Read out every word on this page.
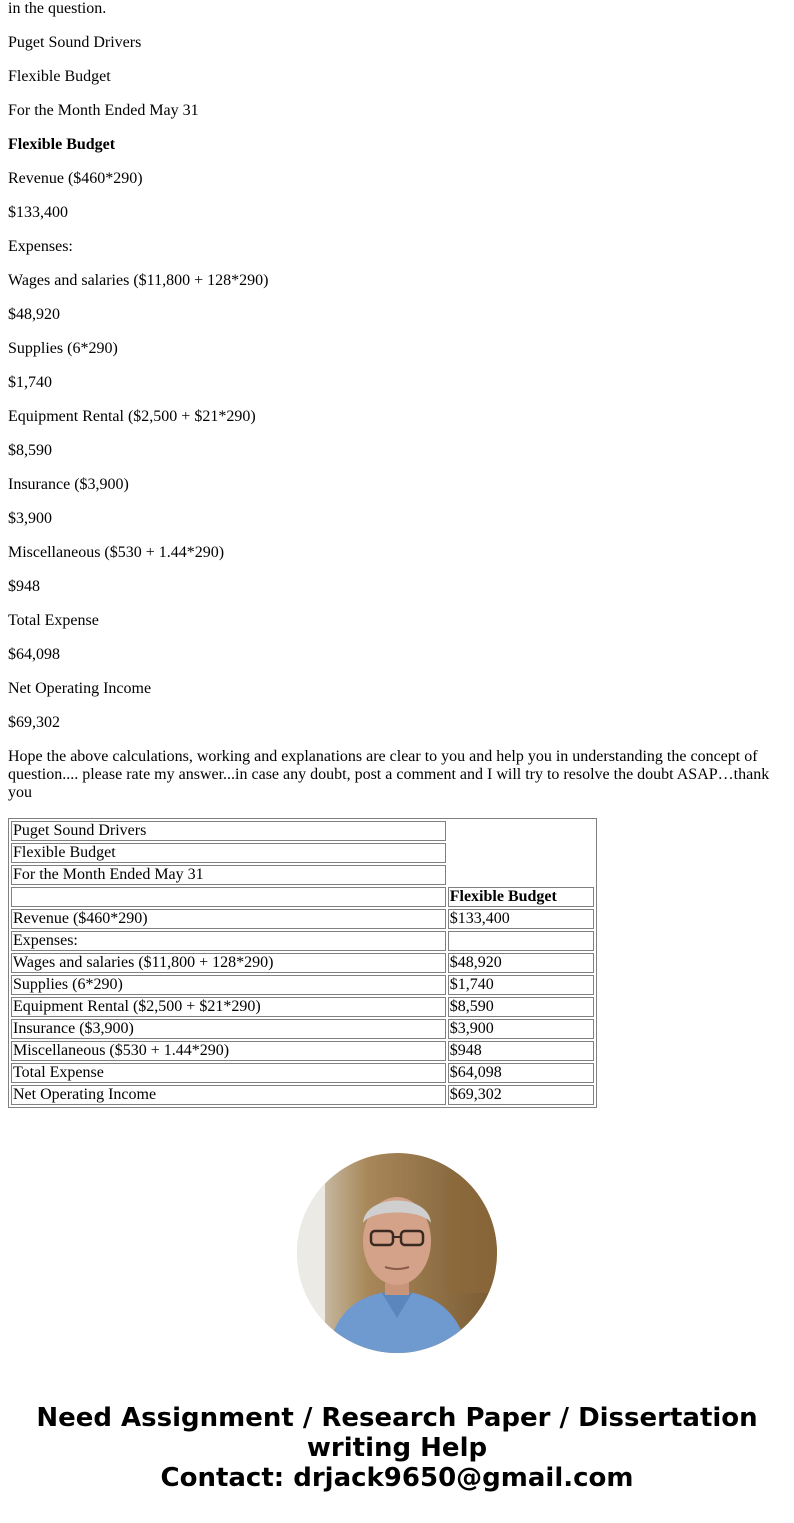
in the question.

Puget Sound Drivers

Flexible Budget

For the Month Ended May 31

Flexible Budget

Revenue ($460*290)

$133,400

Expenses:

Wages and salaries ($11,800 + 128*290)

$48,920

Supplies (6*290)

$1,740

Equipment Rental ($2,500 + $21*290)

$8,590

Insurance ($3,900)

$3,900

Miscellaneous ($530 + 1.44*290)

$948

Total Expense

$64,098

Net Operating Income

$69,302

Hope the above calculations, working and explanations are clear to you and help you in understanding the concept of question.... please rate my answer...in case any doubt, post a comment and I will try to resolve the doubt ASAP…thank you

Puget Sound Drivers	
Flexible Budget	
For the Month Ended May 31	
	Flexible Budget
Revenue ($460*290)	$133,400
Expenses:	
Wages and salaries ($11,800 + 128*290)	$48,920
Supplies (6*290)	$1,740
Equipment Rental ($2,500 + $21*290)	$8,590
Insurance ($3,900)	$3,900
Miscellaneous ($530 + 1.44*290)	$948
Total Expense	$64,098
Net Operating Income	$69,302
Need Assignment / Research Paper / Dissertation writing Help
Contact: drjack9650@gmail.com
